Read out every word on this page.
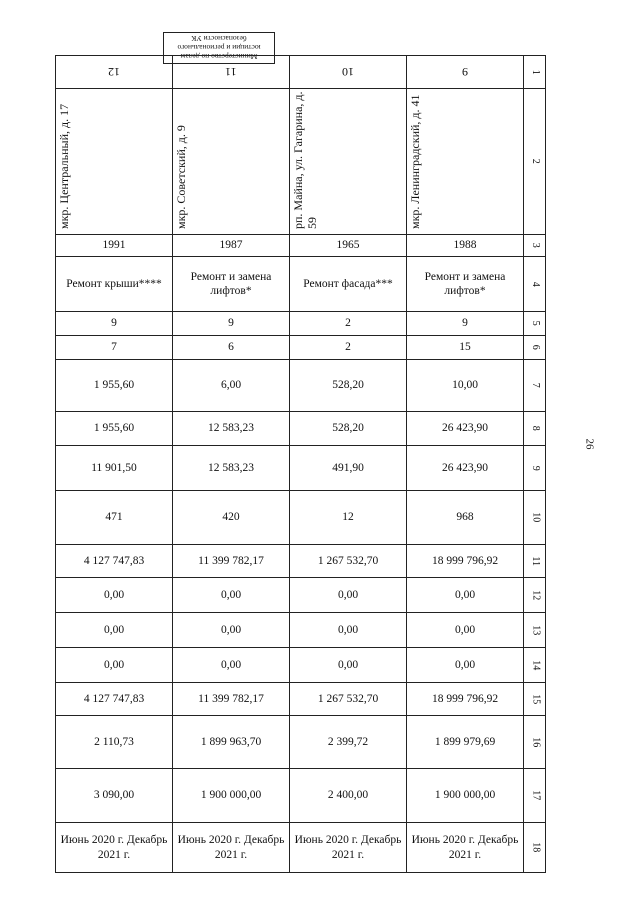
Министерство по делам
юстиции и регионального
безопасности УК
12	11	10	9	1

мкр. Центральный, д. 17	мкр. Советский, д. 9	рп. Майна, ул. Гагарина, д. 59	мкр. Ленинградский, д. 41	2
1991	1987	1965	1988	3
Ремонт крыши****	Ремонт и замена лифтов*	Ремонт фасада***	Ремонт и замена лифтов*	4
9	9	2	9	5
7	6	2	15	6
1 955,60	6,00	528,20	10,00	7
1 955,60	12 583,23	528,20	26 423,90	8
11 901,50	12 583,23	491,90	26 423,90	9
471	420	12	968	10
4 127 747,83	11 399 782,17	1 267 532,70	18 999 796,92	11
0,00	0,00	0,00	0,00	12
0,00	0,00	0,00	0,00	13
0,00	0,00	0,00	0,00	14
4 127 747,83	11 399 782,17	1 267 532,70	18 999 796,92	15
2 110,73	1 899 963,70	2 399,72	1 899 979,69	16
3 090,00	1 900 000,00	2 400,00	1 900 000,00	17
Июнь 2020 г. Декабрь 2021 г.	Июнь 2020 г. Декабрь 2021 г.	Июнь 2020 г. Декабрь 2021 г.	Июнь 2020 г. Декабрь 2021 г.	18
26
